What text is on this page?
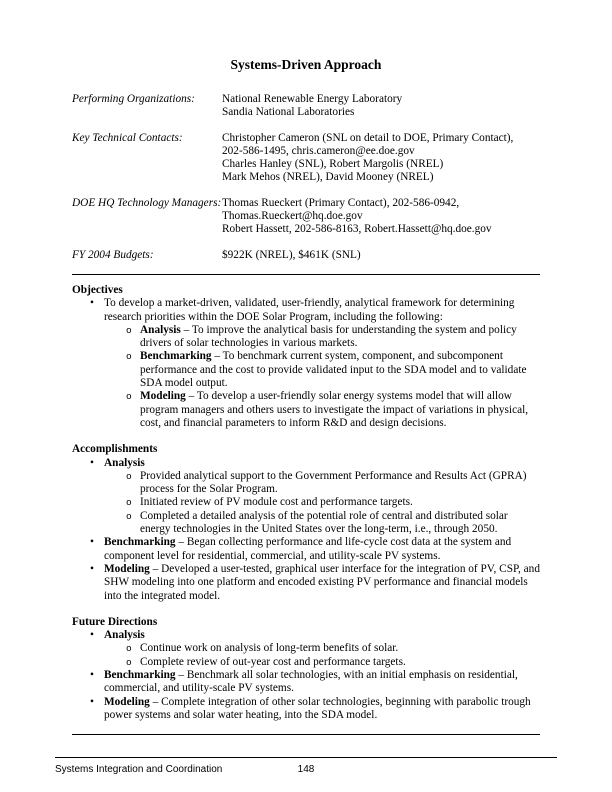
Systems-Driven Approach
Performing Organizations:	National Renewable Energy Laboratory
Sandia National Laboratories
Key Technical Contacts:	Christopher Cameron (SNL on detail to DOE, Primary Contact),
202-586-1495, chris.cameron@ee.doe.gov
Charles Hanley (SNL), Robert Margolis (NREL)
Mark Mehos (NREL), David Mooney (NREL)
DOE HQ Technology Managers: Thomas Rueckert (Primary Contact), 202-586-0942,
Thomas.Rueckert@hq.doe.gov
Robert Hassett, 202-586-8163, Robert.Hassett@hq.doe.gov
FY 2004 Budgets:	$922K (NREL), $461K (SNL)
Objectives
• To develop a market-driven, validated, user-friendly, analytical framework for determining research priorities within the DOE Solar Program, including the following:
o Analysis – To improve the analytical basis for understanding the system and policy drivers of solar technologies in various markets.
o Benchmarking – To benchmark current system, component, and subcomponent performance and the cost to provide validated input to the SDA model and to validate SDA model output.
o Modeling – To develop a user-friendly solar energy systems model that will allow program managers and others users to investigate the impact of variations in physical, cost, and financial parameters to inform R&D and design decisions.
Accomplishments
• Analysis
o Provided analytical support to the Government Performance and Results Act (GPRA) process for the Solar Program.
o Initiated review of PV module cost and performance targets.
o Completed a detailed analysis of the potential role of central and distributed solar energy technologies in the United States over the long-term, i.e., through 2050.
• Benchmarking – Began collecting performance and life-cycle cost data at the system and component level for residential, commercial, and utility-scale PV systems.
• Modeling – Developed a user-tested, graphical user interface for the integration of PV, CSP, and SHW modeling into one platform and encoded existing PV performance and financial models into the integrated model.
Future Directions
• Analysis
o Continue work on analysis of long-term benefits of solar.
o Complete review of out-year cost and performance targets.
• Benchmarking – Benchmark all solar technologies, with an initial emphasis on residential, commercial, and utility-scale PV systems.
• Modeling – Complete integration of other solar technologies, beginning with parabolic trough power systems and solar water heating, into the SDA model.
Systems Integration and Coordination	148
